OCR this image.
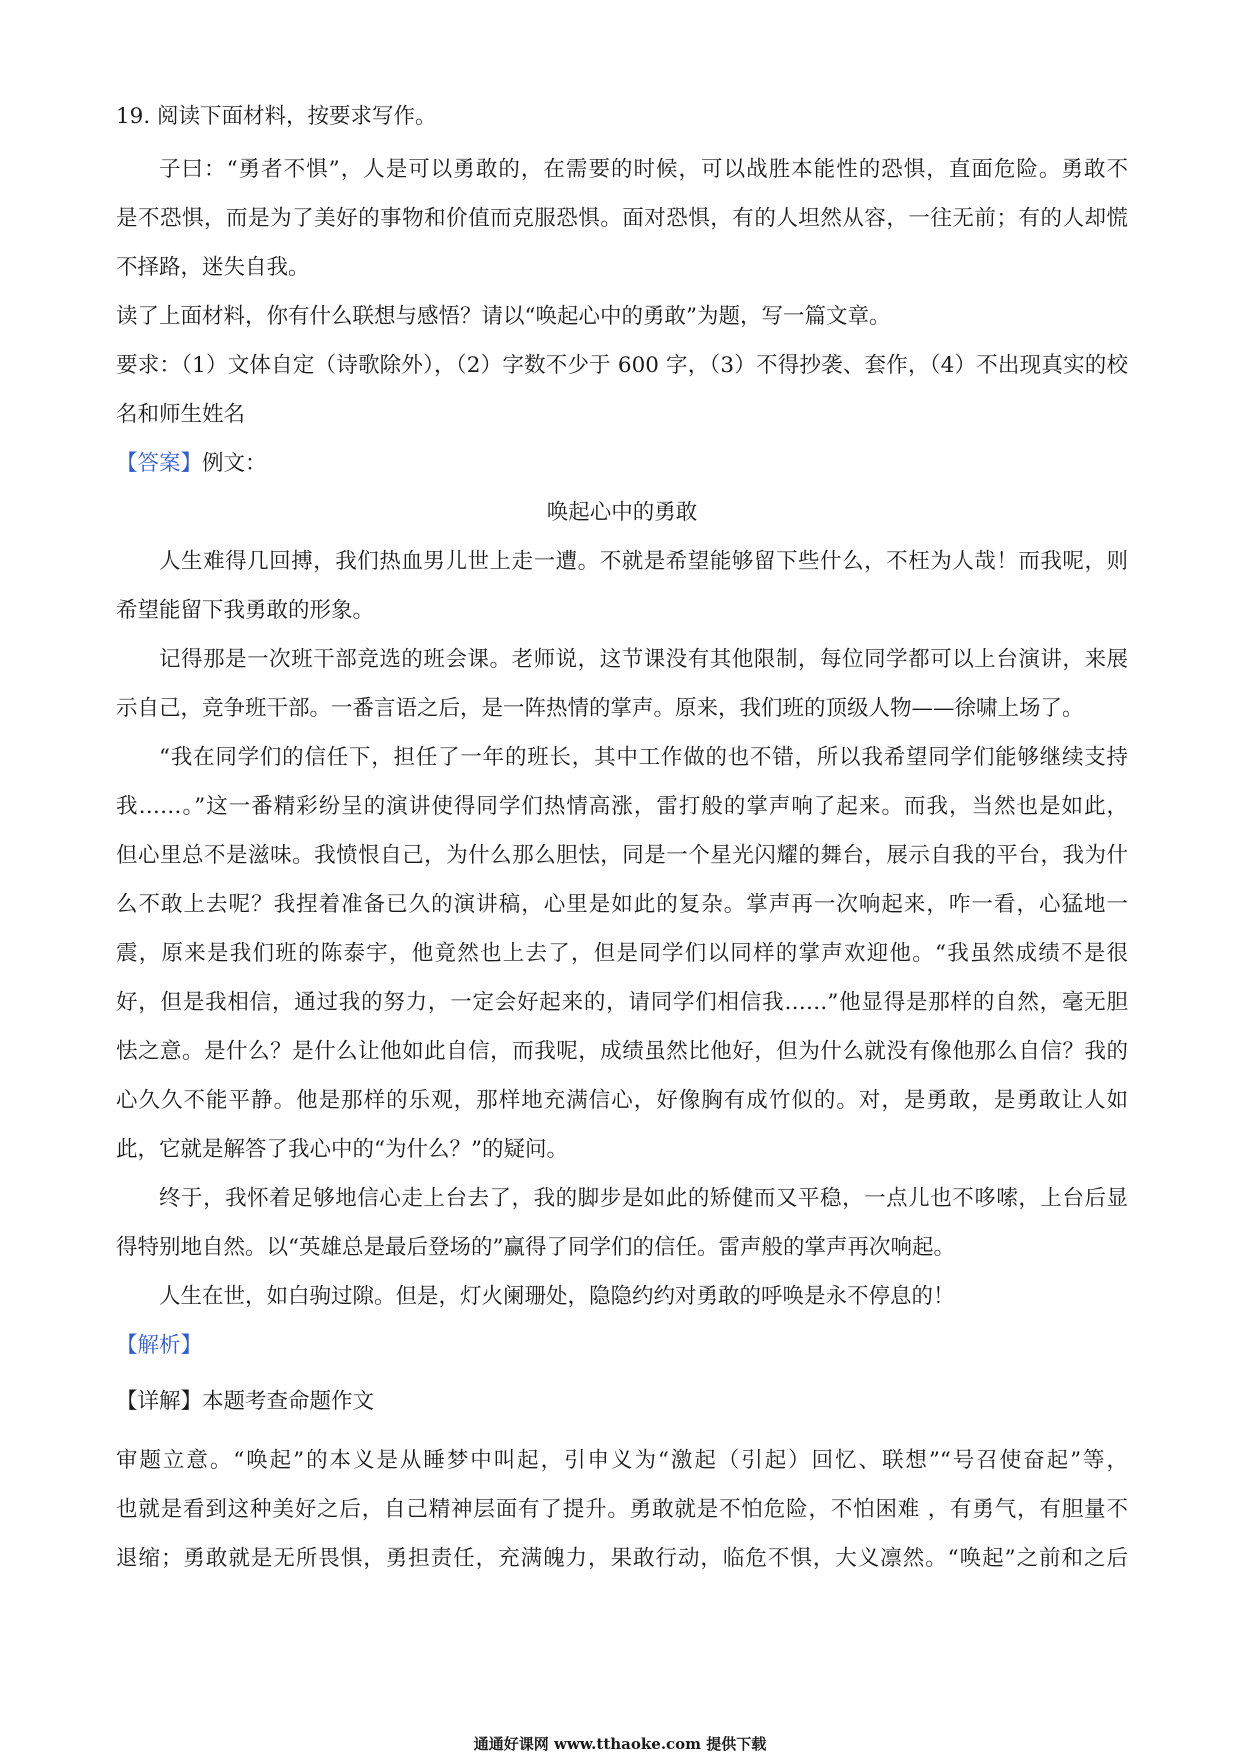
19. 阅读下面材料，按要求写作。
子曰：“勇者不惧”，人是可以勇敢的，在需要的时候，可以战胜本能性的恐惧，直面危险。勇敢不
是不恐惧，而是为了美好的事物和价值而克服恐惧。面对恐惧，有的人坦然从容，一往无前；有的人却慌
不择路，迷失自我。
读了上面材料，你有什么联想与感悟？请以“唤起心中的勇敢”为题，写一篇文章。
要求：（1）文体自定（诗歌除外），（2）字数不少于 600 字，（3）不得抄袭、套作，（4）不出现真实的校
名和师生姓名
【答案】例文：
唤起心中的勇敢
人生难得几回搏，我们热血男儿世上走一遭。不就是希望能够留下些什么，不枉为人哉！而我呢，则
希望能留下我勇敢的形象。
记得那是一次班干部竞选的班会课。老师说，这节课没有其他限制，每位同学都可以上台演讲，来展
示自己，竞争班干部。一番言语之后，是一阵热情的掌声。原来，我们班的顶级人物——徐啸上场了。
“我在同学们的信任下，担任了一年的班长，其中工作做的也不错，所以我希望同学们能够继续支持
我……。”这一番精彩纷呈的演讲使得同学们热情高涨，雷打般的掌声响了起来。而我，当然也是如此，
但心里总不是滋味。我愤恨自己，为什么那么胆怯，同是一个星光闪耀的舞台，展示自我的平台，我为什
么不敢上去呢？我捏着准备已久的演讲稿，心里是如此的复杂。掌声再一次响起来，咋一看，心猛地一
震，原来是我们班的陈泰宇，他竟然也上去了，但是同学们以同样的掌声欢迎他。“我虽然成绩不是很
好，但是我相信，通过我的努力，一定会好起来的，请同学们相信我……”他显得是那样的自然，毫无胆
怯之意。是什么？是什么让他如此自信，而我呢，成绩虽然比他好，但为什么就没有像他那么自信？我的
心久久不能平静。他是那样的乐观，那样地充满信心，好像胸有成竹似的。对，是勇敢，是勇敢让人如
此，它就是解答了我心中的“为什么？”的疑问。
终于，我怀着足够地信心走上台去了，我的脚步是如此的矫健而又平稳，一点儿也不哆嗦，上台后显
得特别地自然。以“英雄总是最后登场的”赢得了同学们的信任。雷声般的掌声再次响起。
人生在世，如白驹过隙。但是，灯火阑珊处，隐隐约约对勇敢的呼唤是永不停息的！
【解析】
【详解】本题考查命题作文
审题立意。“唤起”的本义是从睡梦中叫起，引申义为“激起（引起）回忆、联想”“号召使奋起”等，
也就是看到这种美好之后，自己精神层面有了提升。勇敢就是不怕危险，不怕困难 ，有勇气，有胆量不
退缩；勇敢就是无所畏惧，勇担责任，充满魄力，果敢行动，临危不惧，大义凛然。“唤起”之前和之后
通通好课网 www.tthaoke.com 提供下载
